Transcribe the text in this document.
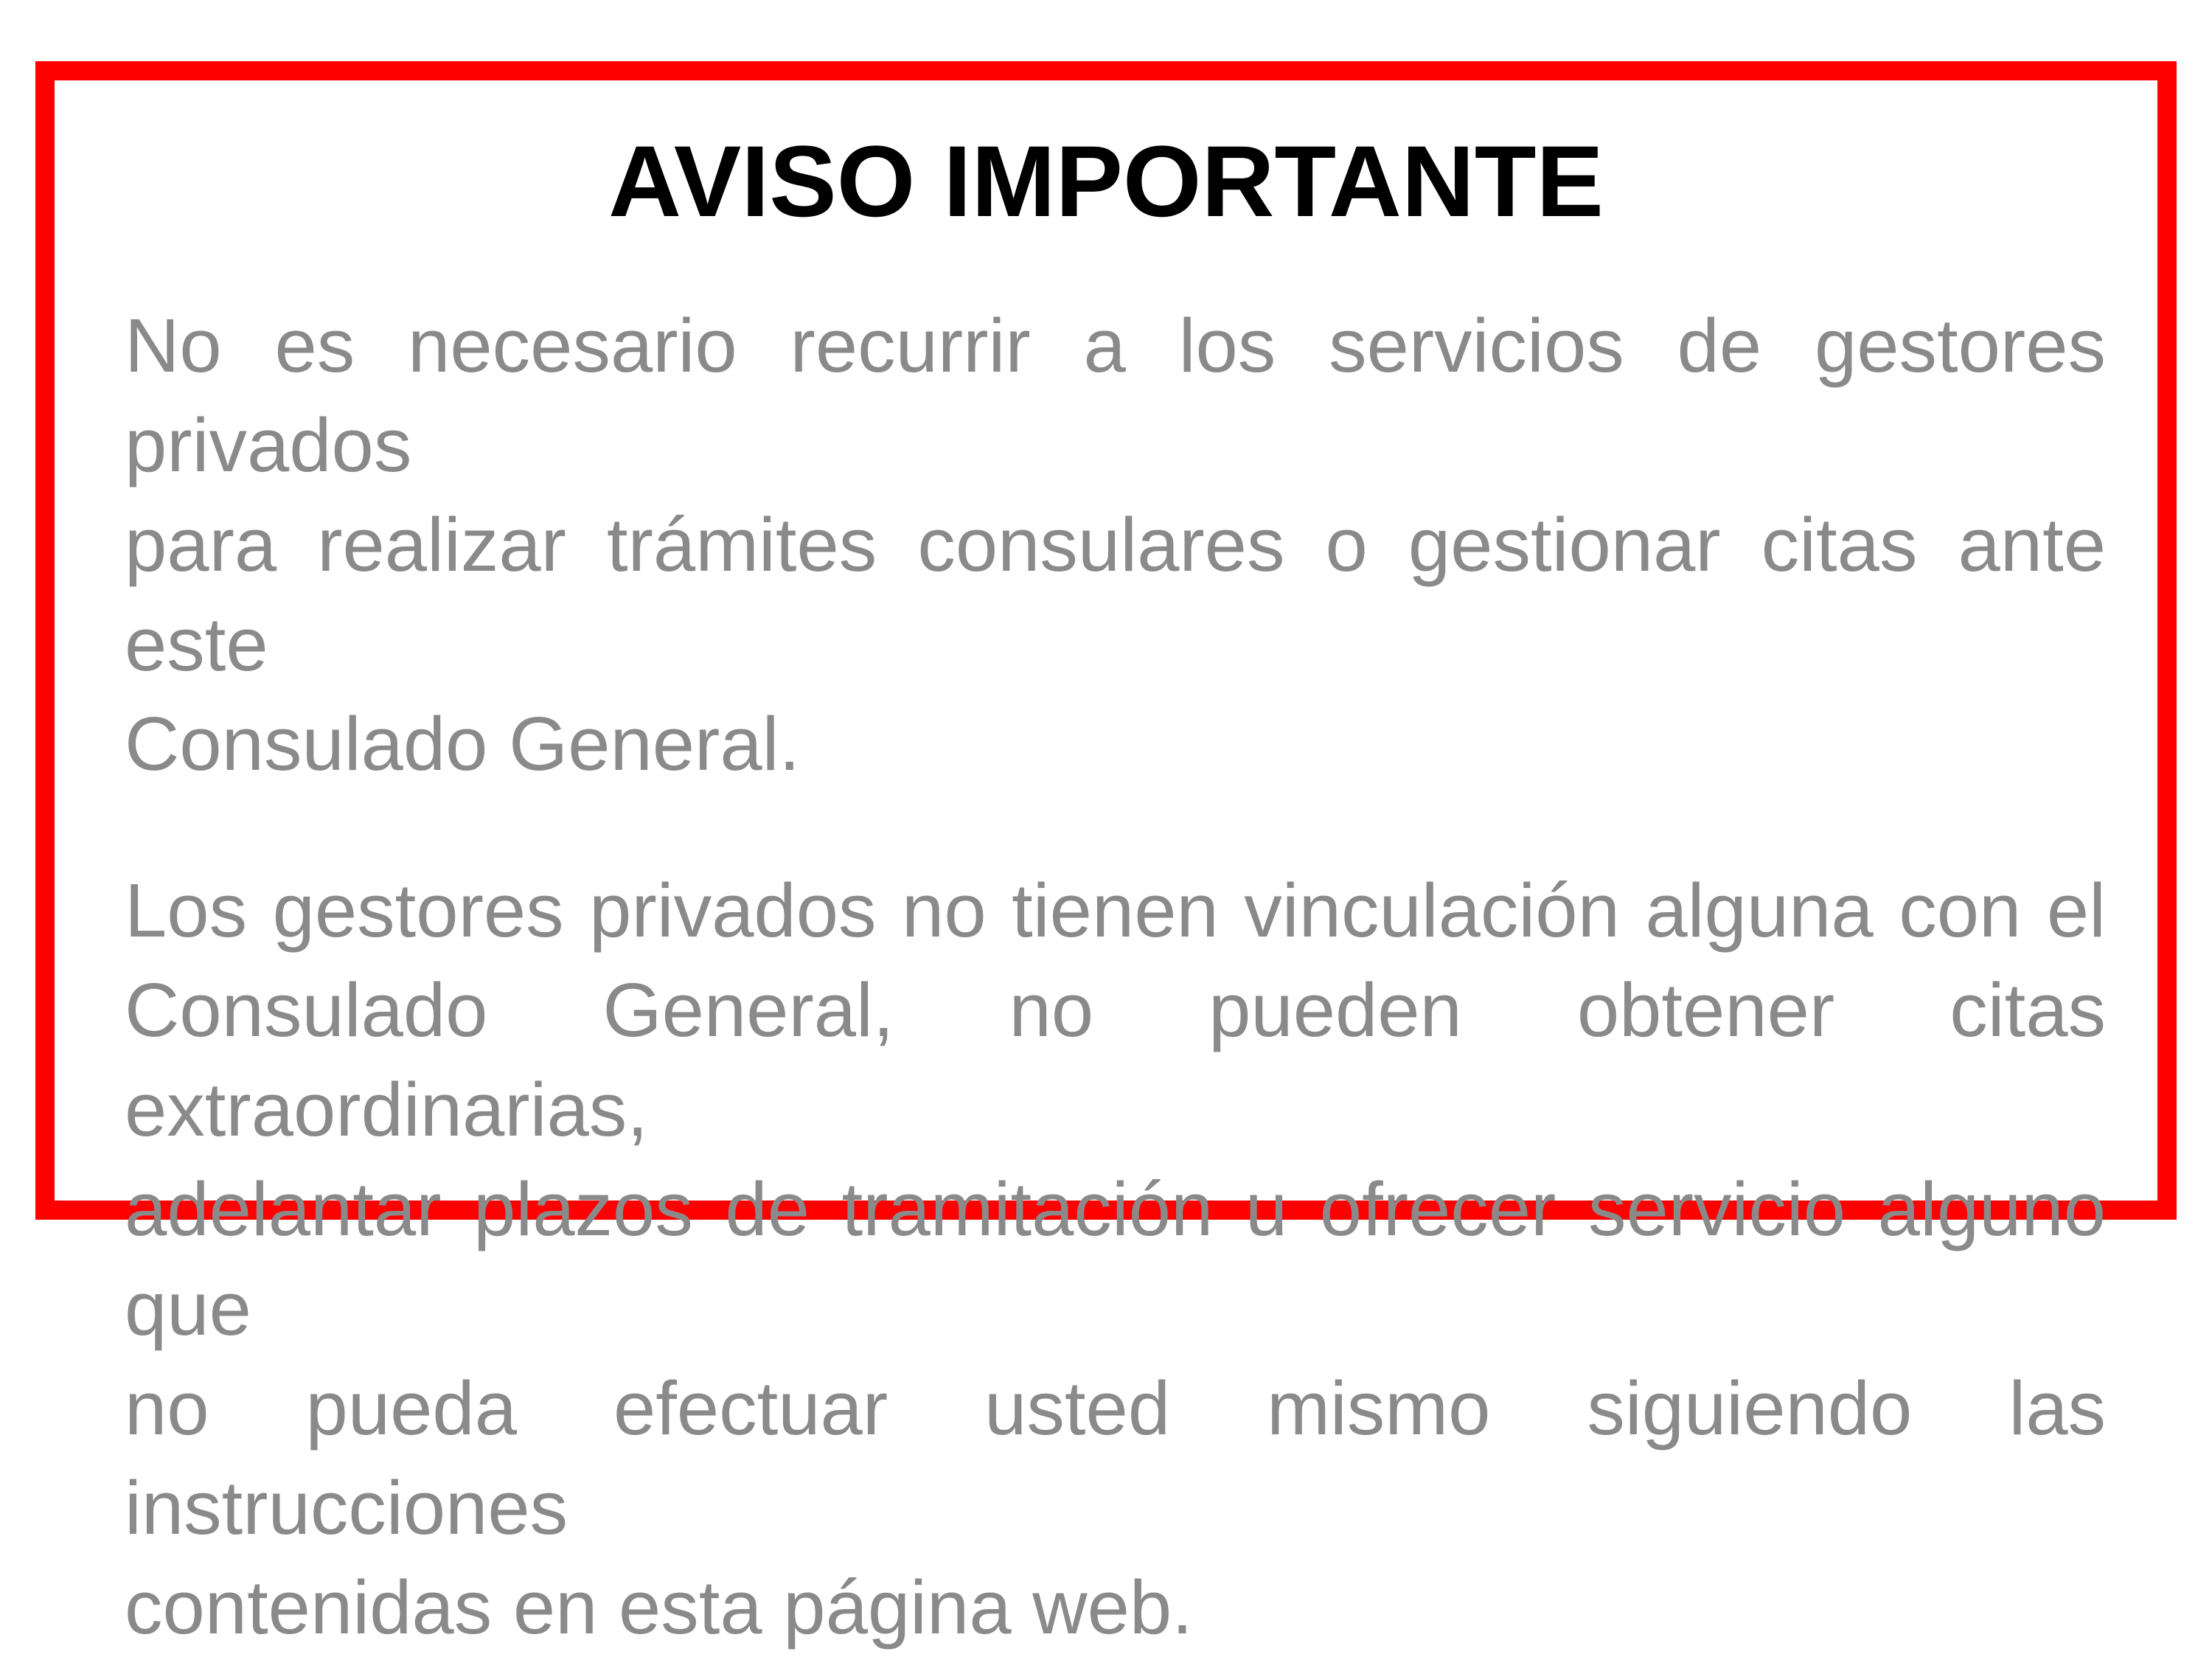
AVISO IMPORTANTE
No es necesario recurrir a los servicios de gestores privados
para realizar trámites consulares o gestionar citas ante este
Consulado General.
Los gestores privados no tienen vinculación alguna con el
Consulado General, no pueden obtener citas extraordinarias,
adelantar plazos de tramitación u ofrecer servicio alguno que
no pueda efectuar usted mismo siguiendo las instrucciones
contenidas en esta página web.
